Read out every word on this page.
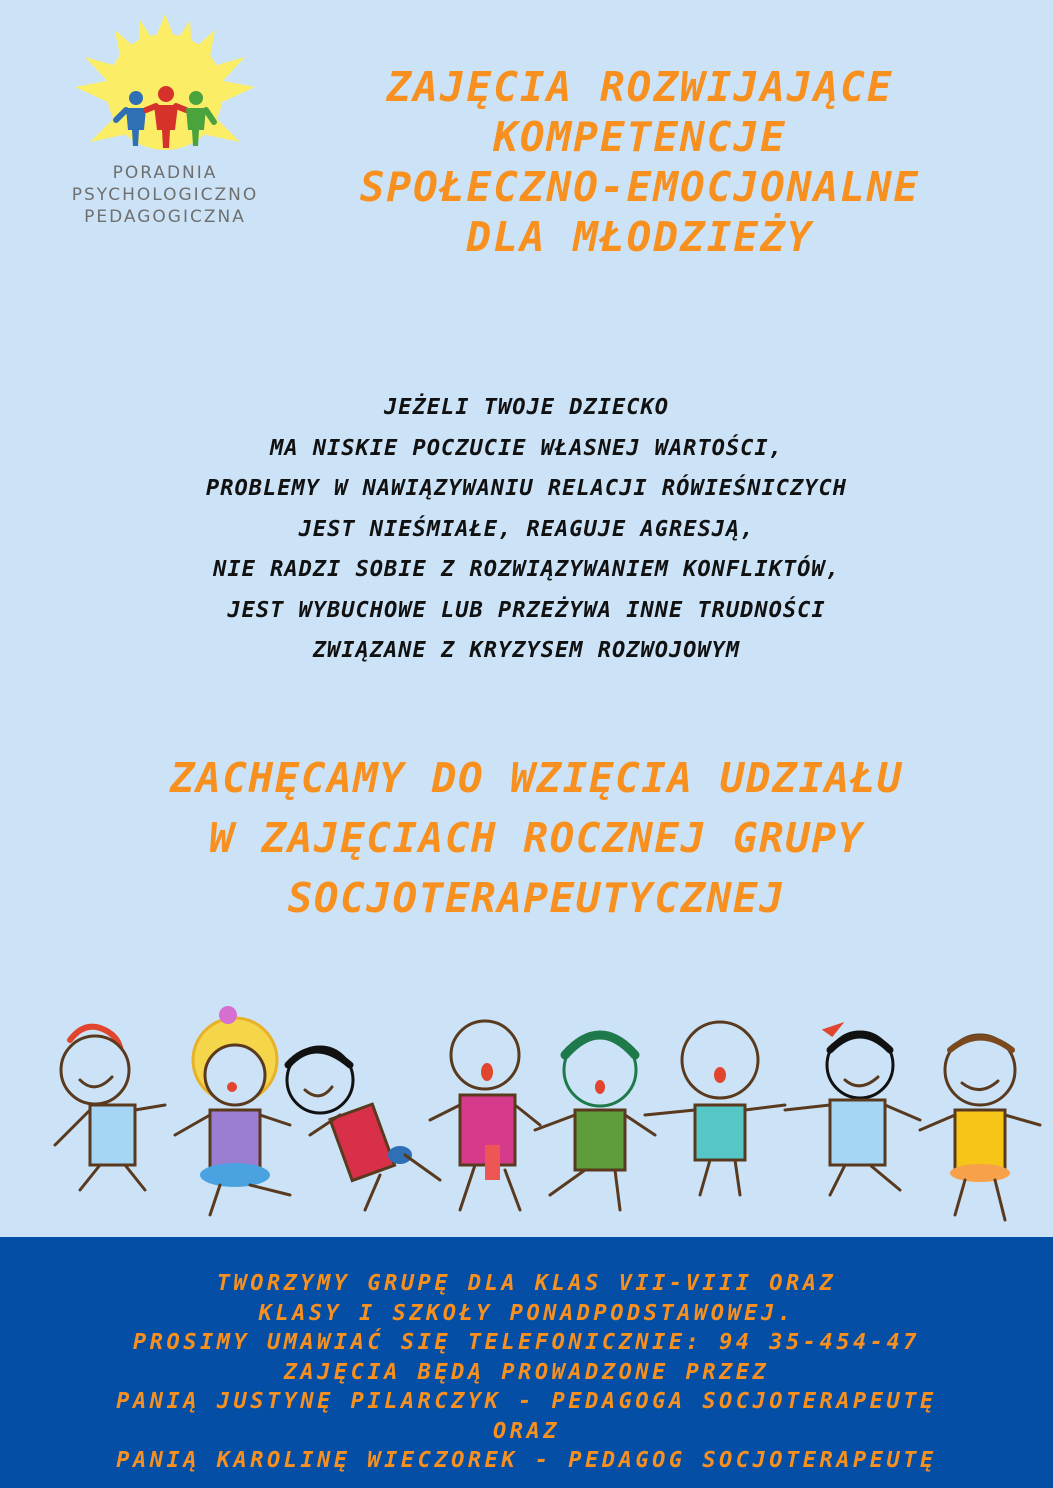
PORADNIA
PSYCHOLOGICZNO
PEDAGOGICZNA
ZAJĘCIA ROZWIJAJĄCE
KOMPETENCJE
SPOŁECZNO-EMOCJONALNE
DLA MŁODZIEŻY
JEŻELI TWOJE DZIECKO
MA NISKIE POCZUCIE WŁASNEJ WARTOŚCI,
PROBLEMY W NAWIĄZYWANIU RELACJI RÓWIEŚNICZYCH
JEST NIEŚMIAŁE, REAGUJE AGRESJĄ,
NIE RADZI SOBIE Z ROZWIĄZYWANIEM KONFLIKTÓW,
JEST WYBUCHOWE LUB PRZEŻYWA INNE TRUDNOŚCI
ZWIĄZANE Z KRYZYSEM ROZWOJOWYM
ZACHĘCAMY DO WZIĘCIA UDZIAŁU
W ZAJĘCIACH ROCZNEJ GRUPY
SOCJOTERAPEUTYCZNEJ
TWORZYMY GRUPĘ DLA KLAS VII-VIII ORAZ
KLASY I SZKOŁY PONADPODSTAWOWEJ.
PROSIMY UMAWIAĆ SIĘ TELEFONICZNIE: 94 35-454-47
ZAJĘCIA BĘDĄ PROWADZONE PRZEZ
PANIĄ JUSTYNĘ PILARCZYK - PEDAGOGA SOCJOTERAPEUTĘ
ORAZ
PANIĄ KAROLINĘ WIECZOREK - PEDAGOG SOCJOTERAPEUTĘ
